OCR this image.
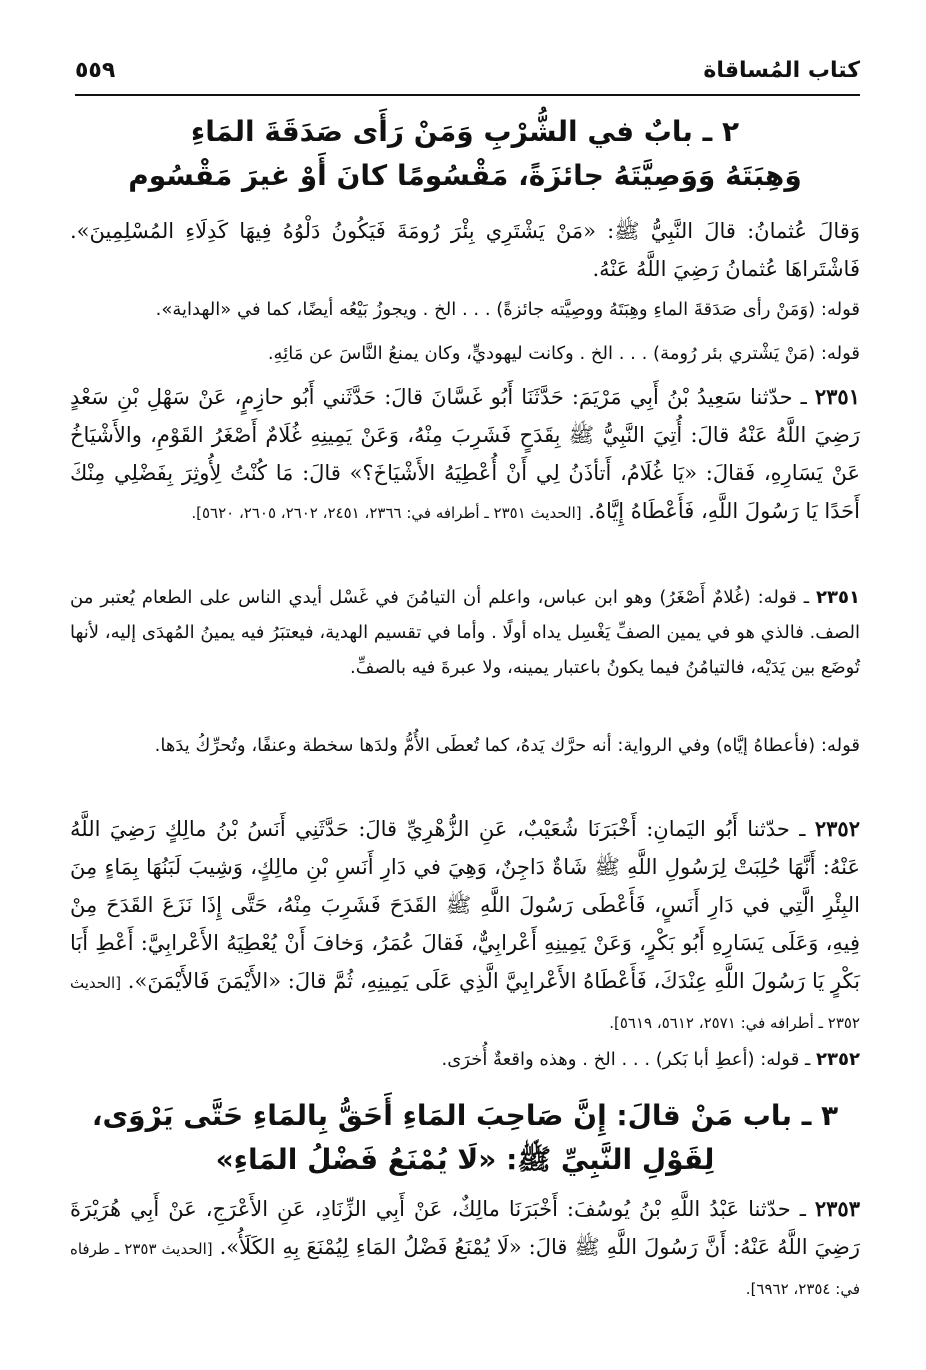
كتاب المُساقاة
٥٥٩
٢ ـ بابٌ في الشُّرْبِ وَمَنْ رَأَى صَدَقَةَ المَاءِ
وَهِبَتَهُ وَوَصِيَّتَهُ جائزَةً، مَقْسُومًا كانَ أَوْ غيرَ مَقْسُوم
وَقالَ عُثمانُ: قالَ النَّبِيُّ ﷺ: «مَنْ يَشْتَرِي بِئْرَ رُومَةَ فَيَكُونُ دَلْوُهُ فِيهَا كَدِلَاءِ المُسْلِمِينَ». فَاشْتَراهَا عُثمانُ رَضِيَ اللَّهُ عَنْهُ.
قوله: (وَمَنْ رأى صَدَقةَ الماءِ وهِبَتَهُ ووصِيَّته جائزةً) . . . الخ . ويجوزُ بَيْعُه أيضًا، كما في «الهداية».
قوله: (مَنْ يَشْتري بئر رُومة) . . . الخ . وكانت ليهوديٍّ، وكان يمنعُ النَّاسَ عن مَائِهِ.
٢٣٥١ ـ حدّثنا سَعِيدُ بْنُ أَبِي مَرْيَمَ: حَدَّثَنَا أَبُو غَسَّانَ قالَ: حَدَّثَني أَبُو حازِمٍ، عَنْ سَهْلِ بْنِ سَعْدٍ رَضِيَ اللَّهُ عَنْهُ قالَ: أُتِيَ النَّبِيُّ ﷺ بِقَدَحٍ فَشَرِبَ مِنْهُ، وَعَنْ يَمِينِهِ غُلَامٌ أَصْغَرُ القَوْمِ، والأَشْيَاخُ عَنْ يَسَارِهِ، فَقالَ: «يَا غُلَامُ، أَتأذَنُ لِي أَنْ أُعْطِيَهُ الأَشْيَاخَ؟» قالَ: مَا كُنْتُ لِأُوثِرَ بِفَضْلِي مِنْكَ أَحَدًا يَا رَسُولَ اللَّهِ، فَأَعْطَاهُ إِيَّاهُ. [الحديث ٢٣٥١ ـ أطرافه في: ٢٣٦٦، ٢٤٥١، ٢٦٠٢، ٢٦٠٥، ٥٦٢٠].
٢٣٥١ ـ قوله: (غُلامٌ أَصْغَرُ) وهو ابن عباس، واعلم أن التيامُنَ في غَسْل أيدي الناس على الطعام يُعتبر من الصف. فالذي هو في يمين الصفِّ يَغْسِل يداه أولًا . وأما في تقسيم الهدية، فيعتبَرُ فيه يمينُ المُهدَى إليه، لأنها تُوضَع بين يَدَيْه، فالتيامُنُ فيما يكونُ باعتبار يمينه، ولا عبرةَ فيه بالصفِّ.
قوله: (فأعطاهُ إيَّاه) وفي الرواية: أنه حرَّك يَدهُ، كما تُعطَى الأُمُّ ولدَها سخطة وعنفًا، وتُحرِّكُ يدَها.
٢٣٥٢ ـ حدّثنا أَبُو اليَمانِ: أَخْبَرَنَا شُعَيْبٌ، عَنِ الزُّهْرِيِّ قالَ: حَدَّثَنِي أَنَسُ بْنُ مالِكٍ رَضِيَ اللَّهُ عَنْهُ: أَنَّهَا حُلِبَتْ لِرَسُولِ اللَّهِ ﷺ شَاةٌ دَاجِنٌ، وَهِيَ في دَارِ أَنَسِ بْنِ مالِكٍ، وَشِيبَ لَبَنُهَا بِمَاءٍ مِنَ البِئْرِ الَّتِي في دَارِ أَنَسٍ، فَأَعْطَى رَسُولَ اللَّهِ ﷺ القَدَحَ فَشَرِبَ مِنْهُ، حَتَّى إِذَا نَزَعَ القَدَحَ مِنْ فِيهِ، وَعَلَى يَسَارِهِ أَبُو بَكْرٍ، وَعَنْ يَمِينِهِ أَعْرابِيٌّ، فَقالَ عُمَرُ، وَخافَ أَنْ يُعْطِيَهُ الأَعْرابِيَّ: أَعْطِ أَبَا بَكْرٍ يَا رَسُولَ اللَّهِ عِنْدَكَ، فَأَعْطَاهُ الأَعْرابِيَّ الَّذِي عَلَى يَمِينِهِ، ثُمَّ قالَ: «الأَيْمَنَ فَالأَيْمَنَ». [الحديث ٢٣٥٢ ـ أطرافه في: ٢٥٧١، ٥٦١٢، ٥٦١٩].
٢٣٥٢ ـ قوله: (أعطِ أبا بَكر) . . . الخ . وهذه واقعةٌ أُخرَى.
٣ ـ باب مَنْ قالَ: إِنَّ صَاحِبَ المَاءِ أَحَقُّ بِالمَاءِ حَتَّى يَرْوَى،
لِقَوْلِ النَّبِيِّ ﷺ: «لَا يُمْنَعُ فَضْلُ المَاءِ»
٢٣٥٣ ـ حدّثنا عَبْدُ اللَّهِ بْنُ يُوسُفَ: أَخْبَرَنَا مالِكٌ، عَنْ أَبِي الزِّنَادِ، عَنِ الأَعْرَجِ، عَنْ أَبِي هُرَيْرَةَ رَضِيَ اللَّهُ عَنْهُ: أَنَّ رَسُولَ اللَّهِ ﷺ قالَ: «لَا يُمْنَعُ فَضْلُ المَاءِ لِيُمْنَعَ بِهِ الكَلَأُ». [الحديث ٢٣٥٣ ـ طرفاه في: ٢٣٥٤، ٦٩٦٢].
